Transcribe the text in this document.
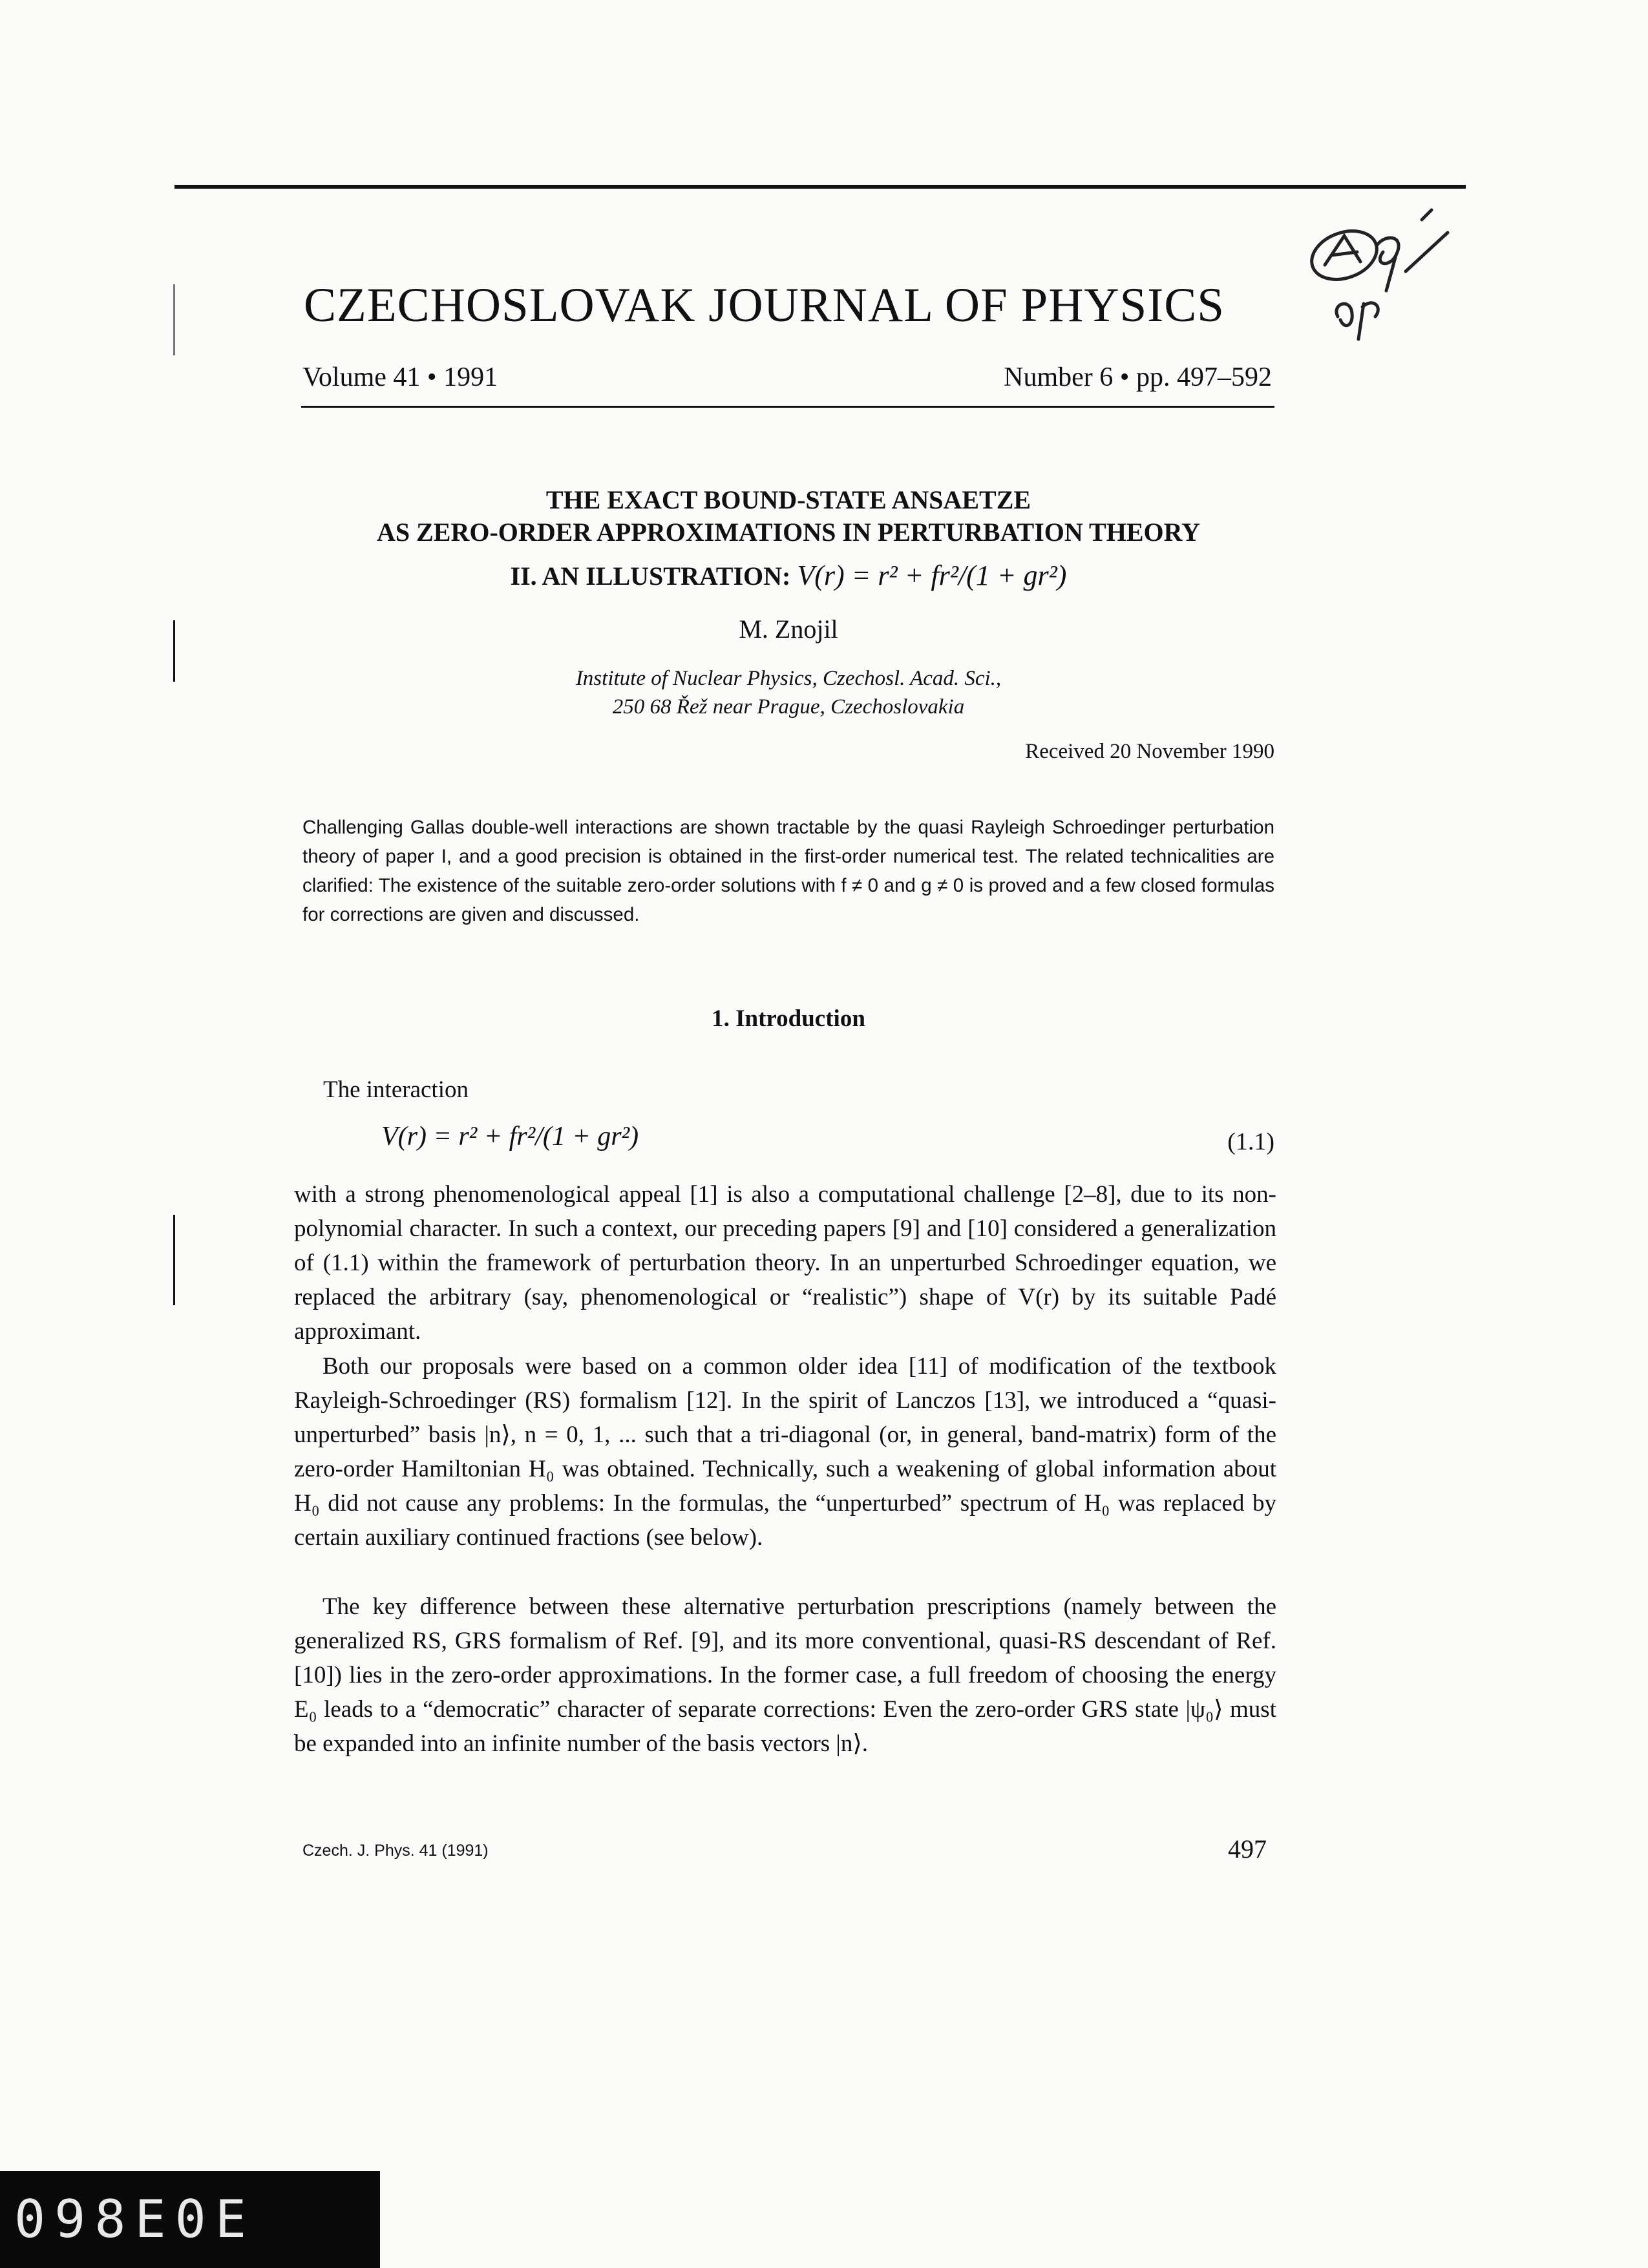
CZECHOSLOVAK JOURNAL OF PHYSICS
Volume 41 • 1991	Number 6 • pp. 497–592
THE EXACT BOUND-STATE ANSAETZE
AS ZERO-ORDER APPROXIMATIONS IN PERTURBATION THEORY
II. AN ILLUSTRATION: V(r) = r² + fr²/(1 + gr²)
M. Znojil
Institute of Nuclear Physics, Czechosl. Acad. Sci.,
250 68 Řež near Prague, Czechoslovakia
Received 20 November 1990
Challenging Gallas double-well interactions are shown tractable by the quasi Rayleigh Schroedinger perturbation theory of paper I, and a good precision is obtained in the first-order numerical test. The related technicalities are clarified: The existence of the suitable zero-order solutions with f ≠ 0 and g ≠ 0 is proved and a few closed formulas for corrections are given and discussed.
1. Introduction
The interaction
V(r) = r² + fr²/(1 + gr²)	(1.1)
with a strong phenomenological appeal [1] is also a computational challenge [2–8], due to its non-polynomial character. In such a context, our preceding papers [9] and [10] considered a generalization of (1.1) within the framework of perturbation theory. In an unperturbed Schroedinger equation, we replaced the arbitrary (say, phenomenological or “realistic”) shape of V(r) by its suitable Padé approximant.
Both our proposals were based on a common older idea [11] of modification of the textbook Rayleigh-Schroedinger (RS) formalism [12]. In the spirit of Lanczos [13], we introduced a “quasi-unperturbed” basis |n⟩, n = 0, 1, ... such that a tri-diagonal (or, in general, band-matrix) form of the zero-order Hamiltonian H₀ was obtained. Technically, such a weakening of global information about H₀ did not cause any problems: In the formulas, the “unperturbed” spectrum of H₀ was replaced by certain auxiliary continued fractions (see below).
The key difference between these alternative perturbation prescriptions (namely between the generalized RS, GRS formalism of Ref. [9], and its more conventional, quasi-RS descendant of Ref. [10]) lies in the zero-order approximations. In the former case, a full freedom of choosing the energy E₀ leads to a “democratic” character of separate corrections: Even the zero-order GRS state |ψ₀⟩ must be expanded into an infinite number of the basis vectors |n⟩.
Czech. J. Phys. 41 (1991)	497
098E0E
